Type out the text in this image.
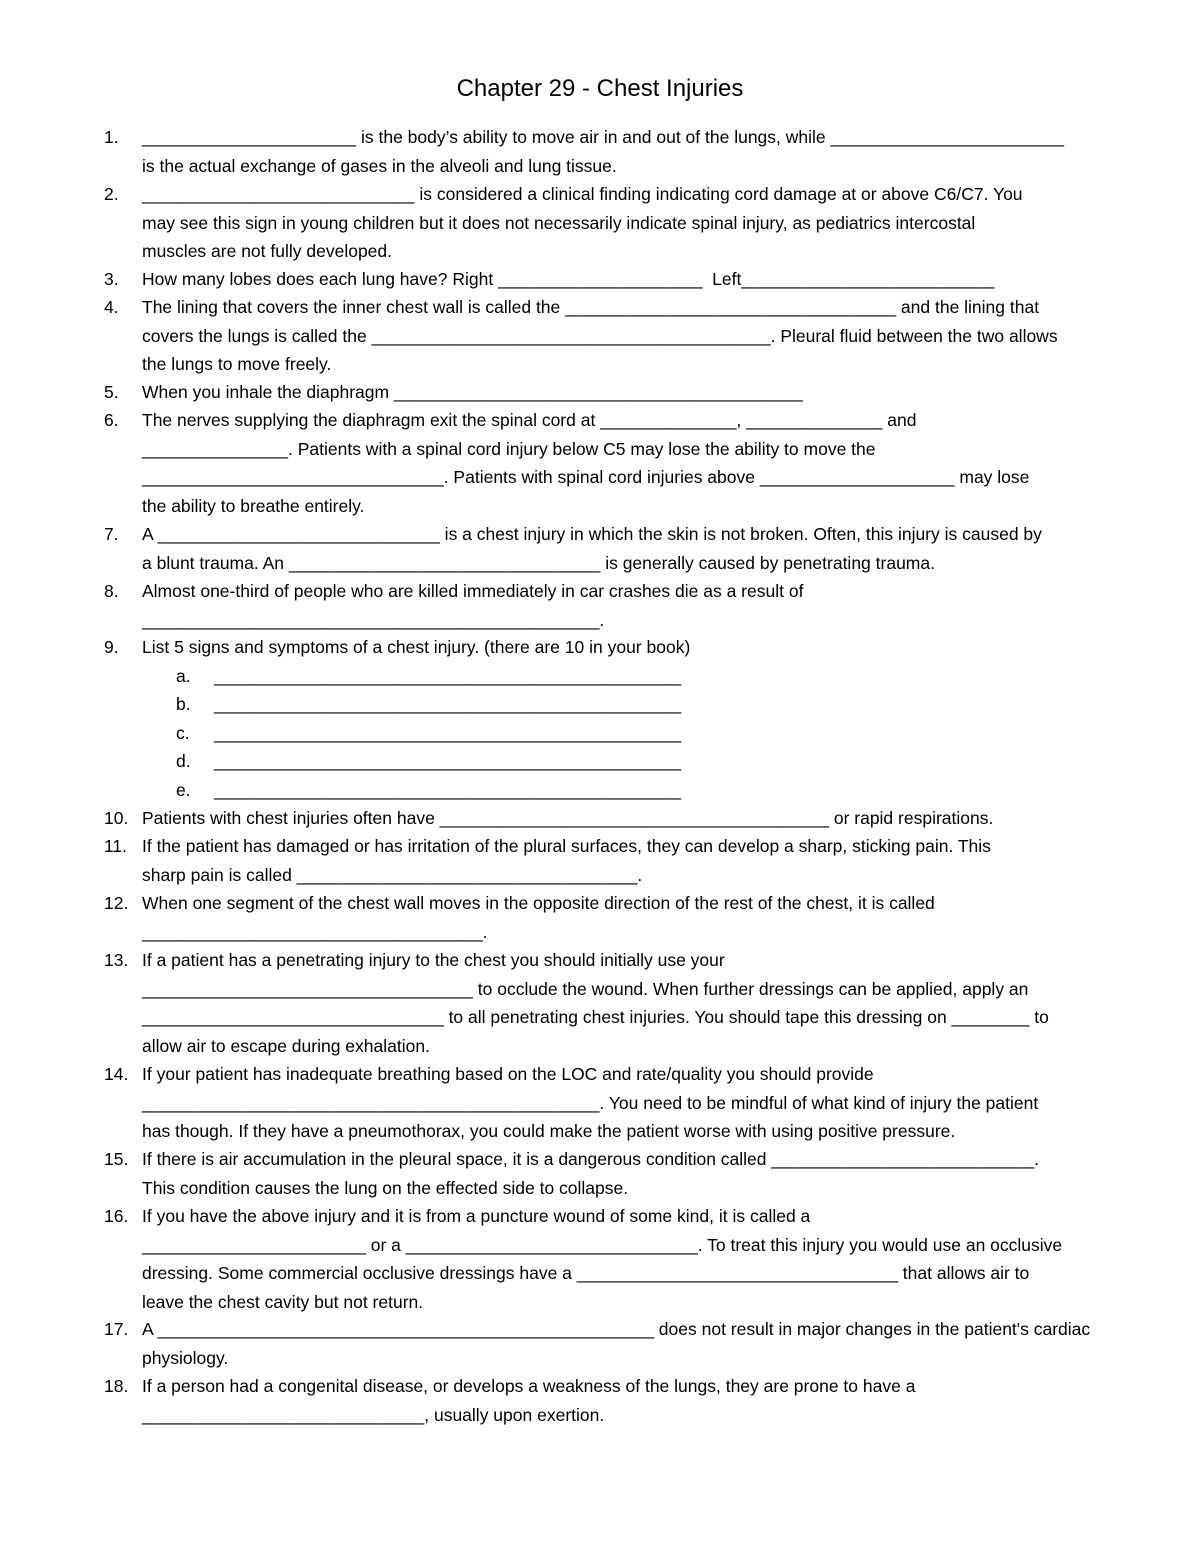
Chapter 29 - Chest Injuries
1.	______________________ is the body’s ability to move air in and out of the lungs, while ________________________
is the actual exchange of gases in the alveoli and lung tissue.
2.	____________________________ is considered a clinical finding indicating cord damage at or above C6/C7. You
may see this sign in young children but it does not necessarily indicate spinal injury, as pediatrics intercostal
muscles are not fully developed.
3.	How many lobes does each lung have? Right _____________________  Left__________________________
4.	The lining that covers the inner chest wall is called the __________________________________ and the lining that
covers the lungs is called the _________________________________________. Pleural fluid between the two allows
the lungs to move freely.
5.	When you inhale the diaphragm __________________________________________
6.	The nerves supplying the diaphragm exit the spinal cord at ______________, ______________ and
_______________. Patients with a spinal cord injury below C5 may lose the ability to move the
_______________________________. Patients with spinal cord injuries above ____________________ may lose
the ability to breathe entirely.
7.	A _____________________________ is a chest injury in which the skin is not broken. Often, this injury is caused by
a blunt trauma. An ________________________________ is generally caused by penetrating trauma.
8.	Almost one-third of people who are killed immediately in car crashes die as a result of
_______________________________________________.
9.	List 5 signs and symptoms of a chest injury. (there are 10 in your book)
10. Patients with chest injuries often have ________________________________________ or rapid respirations.
11. If the patient has damaged or has irritation of the plural surfaces, they can develop a sharp, sticking pain. This
sharp pain is called ___________________________________.
12. When one segment of the chest wall moves in the opposite direction of the rest of the chest, it is called
___________________________________.
13. If a patient has a penetrating injury to the chest you should initially use your
__________________________________ to occlude the wound. When further dressings can be applied, apply an
_______________________________ to all penetrating chest injuries. You should tape this dressing on ________ to
allow air to escape during exhalation.
14. If your patient has inadequate breathing based on the LOC and rate/quality you should provide
_______________________________________________. You need to be mindful of what kind of injury the patient
has though. If they have a pneumothorax, you could make the patient worse with using positive pressure.
15. If there is air accumulation in the pleural space, it is a dangerous condition called ___________________________.
This condition causes the lung on the effected side to collapse.
16. If you have the above injury and it is from a puncture wound of some kind, it is called a
_______________________ or a ______________________________. To treat this injury you would use an occlusive
dressing. Some commercial occlusive dressings have a _________________________________ that allows air to
leave the chest cavity but not return.
17. A ___________________________________________________ does not result in major changes in the patient's cardiac
physiology.
18. If a person had a congenital disease, or develops a weakness of the lungs, they are prone to have a
_____________________________, usually upon exertion.
a. ________________________________________________
b. ________________________________________________
c. ________________________________________________
d. ________________________________________________
e. ________________________________________________
